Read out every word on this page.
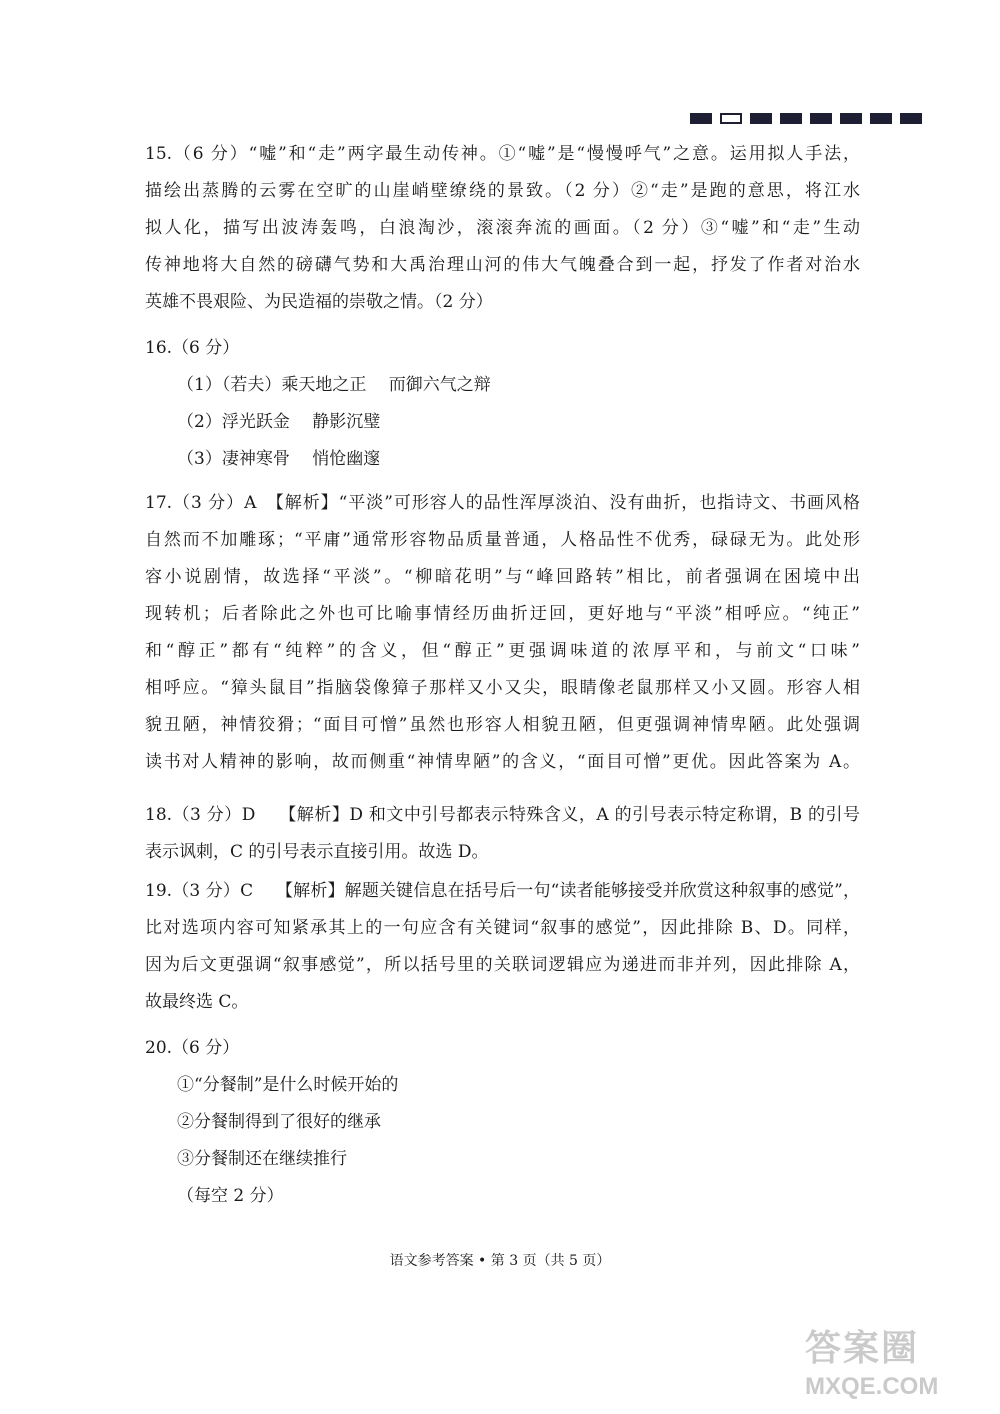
15.（6 分）“嘘”和“走”两字最生动传神。①“嘘”是“慢慢呼气”之意。运用拟人手法，
描绘出蒸腾的云雾在空旷的山崖峭壁缭绕的景致。（2 分）②“走”是跑的意思，将江水
拟人化，描写出波涛轰鸣，白浪淘沙，滚滚奔流的画面。（2 分）③“嘘”和“走”生动
传神地将大自然的磅礴气势和大禹治理山河的伟大气魄叠合到一起，抒发了作者对治水
英雄不畏艰险、为民造福的崇敬之情。（2 分）
16.（6 分）
（1）（若夫）乘天地之正　 而御六气之辩
（2）浮光跃金　 静影沉璧
（3）凄神寒骨　 悄怆幽邃
17.（3 分）A　【解析】“平淡”可形容人的品性浑厚淡泊、没有曲折，也指诗文、书画风格
自然而不加雕琢；“平庸”通常形容物品质量普通，人格品性不优秀，碌碌无为。此处形
容小说剧情，故选择“平淡”。“柳暗花明”与“峰回路转”相比，前者强调在困境中出
现转机；后者除此之外也可比喻事情经历曲折迂回，更好地与“平淡”相呼应。“纯正”
和“醇正”都有“纯粹”的含义，但“醇正”更强调味道的浓厚平和，与前文“口味”
相呼应。“獐头鼠目”指脑袋像獐子那样又小又尖，眼睛像老鼠那样又小又圆。形容人相
貌丑陋，神情狡猾；“面目可憎”虽然也形容人相貌丑陋，但更强调神情卑陋。此处强调
读书对人精神的影响，故而侧重“神情卑陋”的含义，“面目可憎”更优。因此答案为 A。
18.（3 分）D　 【解析】D 和文中引号都表示特殊含义，A 的引号表示特定称谓，B 的引号
表示讽刺，C 的引号表示直接引用。故选 D。
19.（3 分）C　 【解析】解题关键信息在括号后一句“读者能够接受并欣赏这种叙事的感觉”，
比对选项内容可知紧承其上的一句应含有关键词“叙事的感觉”，因此排除 B、D。同样，
因为后文更强调“叙事感觉”，所以括号里的关联词逻辑应为递进而非并列，因此排除 A，
故最终选 C。
20.（6 分）
①“分餐制”是什么时候开始的
②分餐制得到了很好的继承
③分餐制还在继续推行
（每空 2 分）
语文参考答案 • 第 3 页（共 5 页）
答案圈
MXQE.COM
